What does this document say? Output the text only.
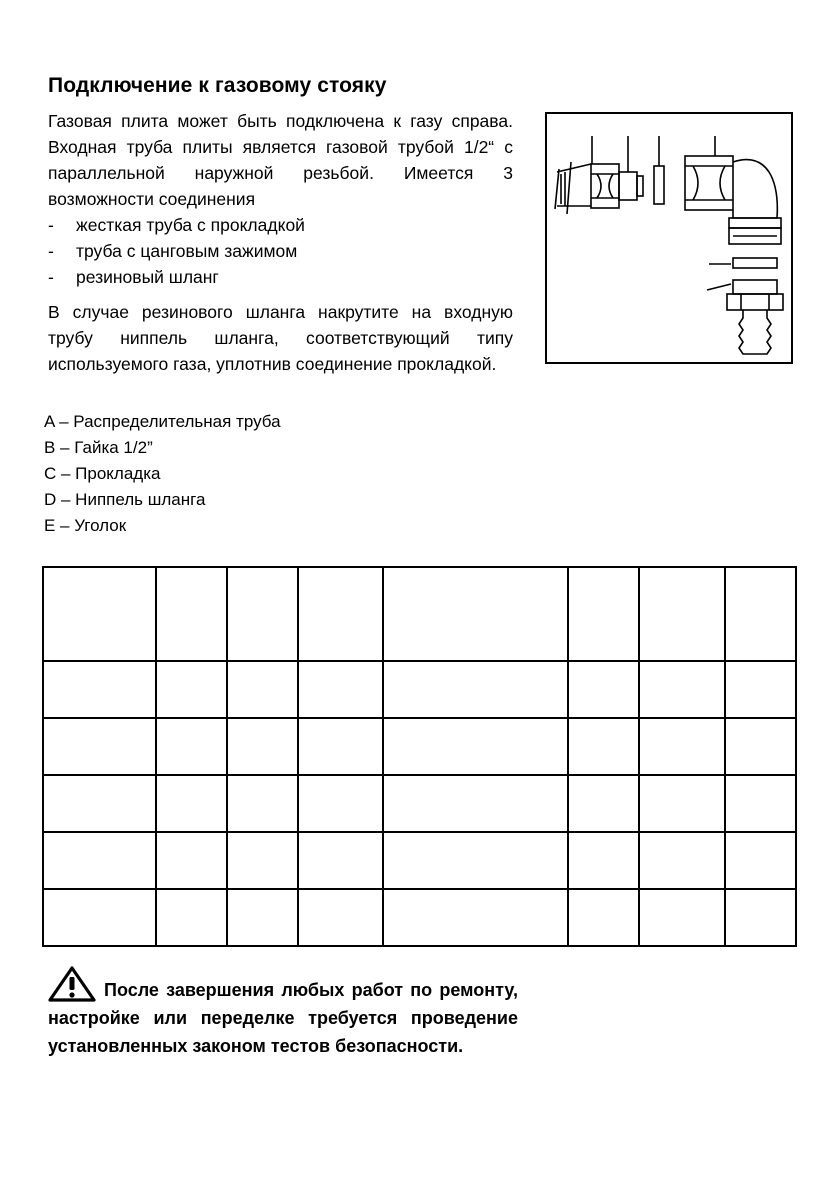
Подключение к газовому стояку

Газовая плита может быть подключена к газу справа. Входная труба плиты является газовой трубой 1/2“ с параллельной наружной резьбой. Имеется 3 возможности соединения

- жесткая труба с прокладкой
- труба с цанговым зажимом
- резиновый шланг

В случае резинового шланга накрутите на входную трубу ниппель шланга, соответствующий типу используемого газа, уплотнив соединение прокладкой.

A – Распределительная труба
B – Гайка 1/2”
C – Прокладка
D – Ниппель шланга
E – Уголок

После завершения любых работ по ремонту, настройке или переделке требуется проведение установленных законом тестов безопасности.
